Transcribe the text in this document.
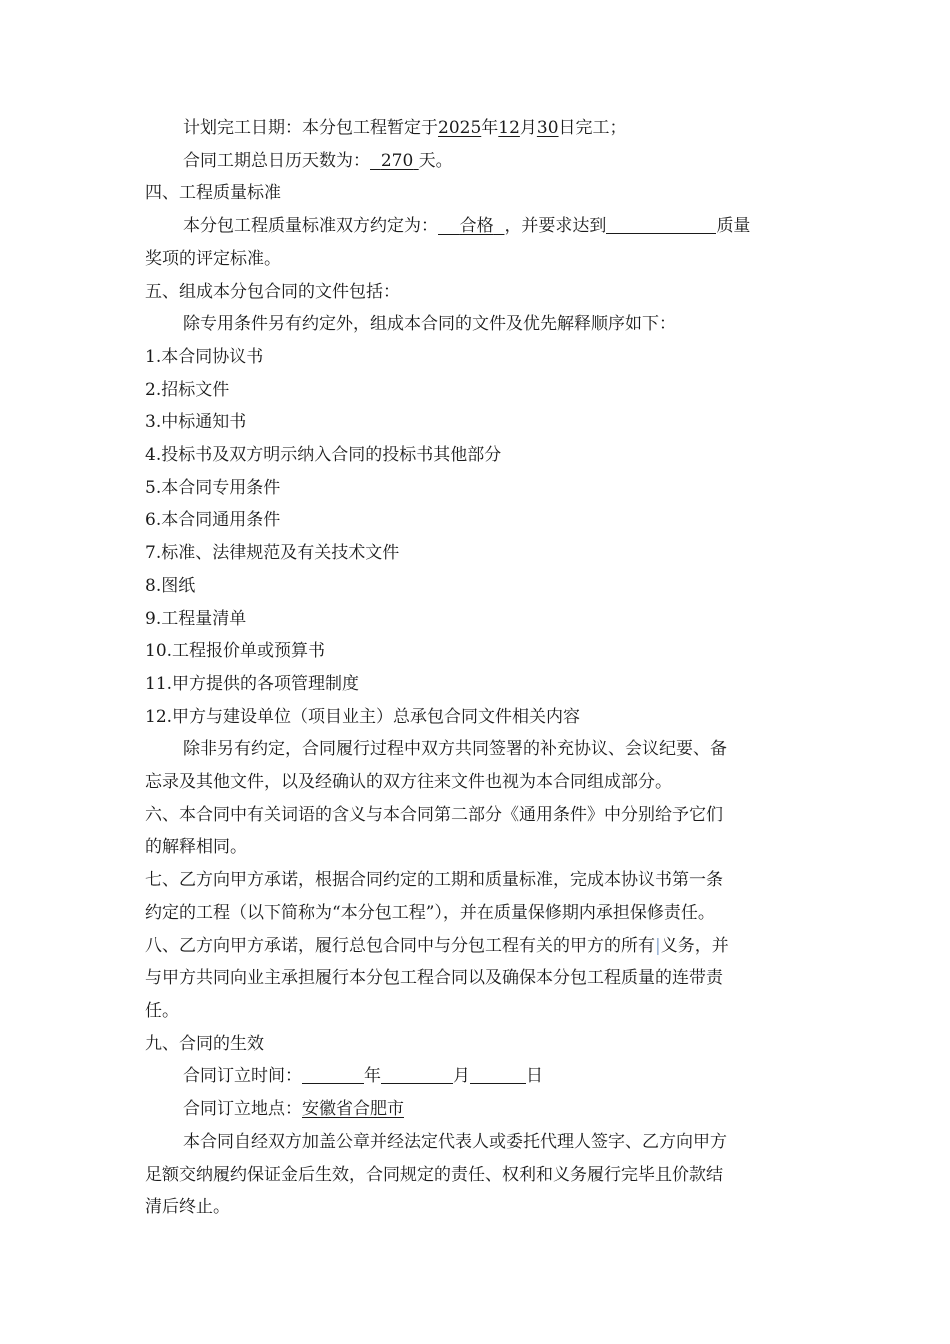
计划完工日期：本分包工程暂定于2025年12月30日完工；

合同工期总日历天数为： 270 天。

四、工程质量标准

本分包工程质量标准双方约定为： 合格 ，并要求达到	质量

奖项的评定标准。

五、组成本分包合同的文件包括：

除专用条件另有约定外，组成本合同的文件及优先解释顺序如下：

1.本合同协议书

2.招标文件

3.中标通知书

4.投标书及双方明示纳入合同的投标书其他部分

5.本合同专用条件

6.本合同通用条件

7.标准、法律规范及有关技术文件

8.图纸

9.工程量清单

10.工程报价单或预算书

11.甲方提供的各项管理制度

12.甲方与建设单位（项目业主）总承包合同文件相关内容

除非另有约定，合同履行过程中双方共同签署的补充协议、会议纪要、备

忘录及其他文件，以及经确认的双方往来文件也视为本合同组成部分。

六、本合同中有关词语的含义与本合同第二部分《通用条件》中分别给予它们

的解释相同。

七、乙方向甲方承诺，根据合同约定的工期和质量标准，完成本协议书第一条

约定的工程（以下简称为“本分包工程”），并在质量保修期内承担保修责任。

八、乙方向甲方承诺，履行总包合同中与分包工程有关的甲方的所有|义务，并

与甲方共同向业主承担履行本分包工程合同以及确保本分包工程质量的连带责

任。

九、合同的生效

合同订立时间：	年	月	日

合同订立地点：安徽省合肥市

本合同自经双方加盖公章并经法定代表人或委托代理人签字、乙方向甲方

足额交纳履约保证金后生效，合同规定的责任、权利和义务履行完毕且价款结

清后终止。
